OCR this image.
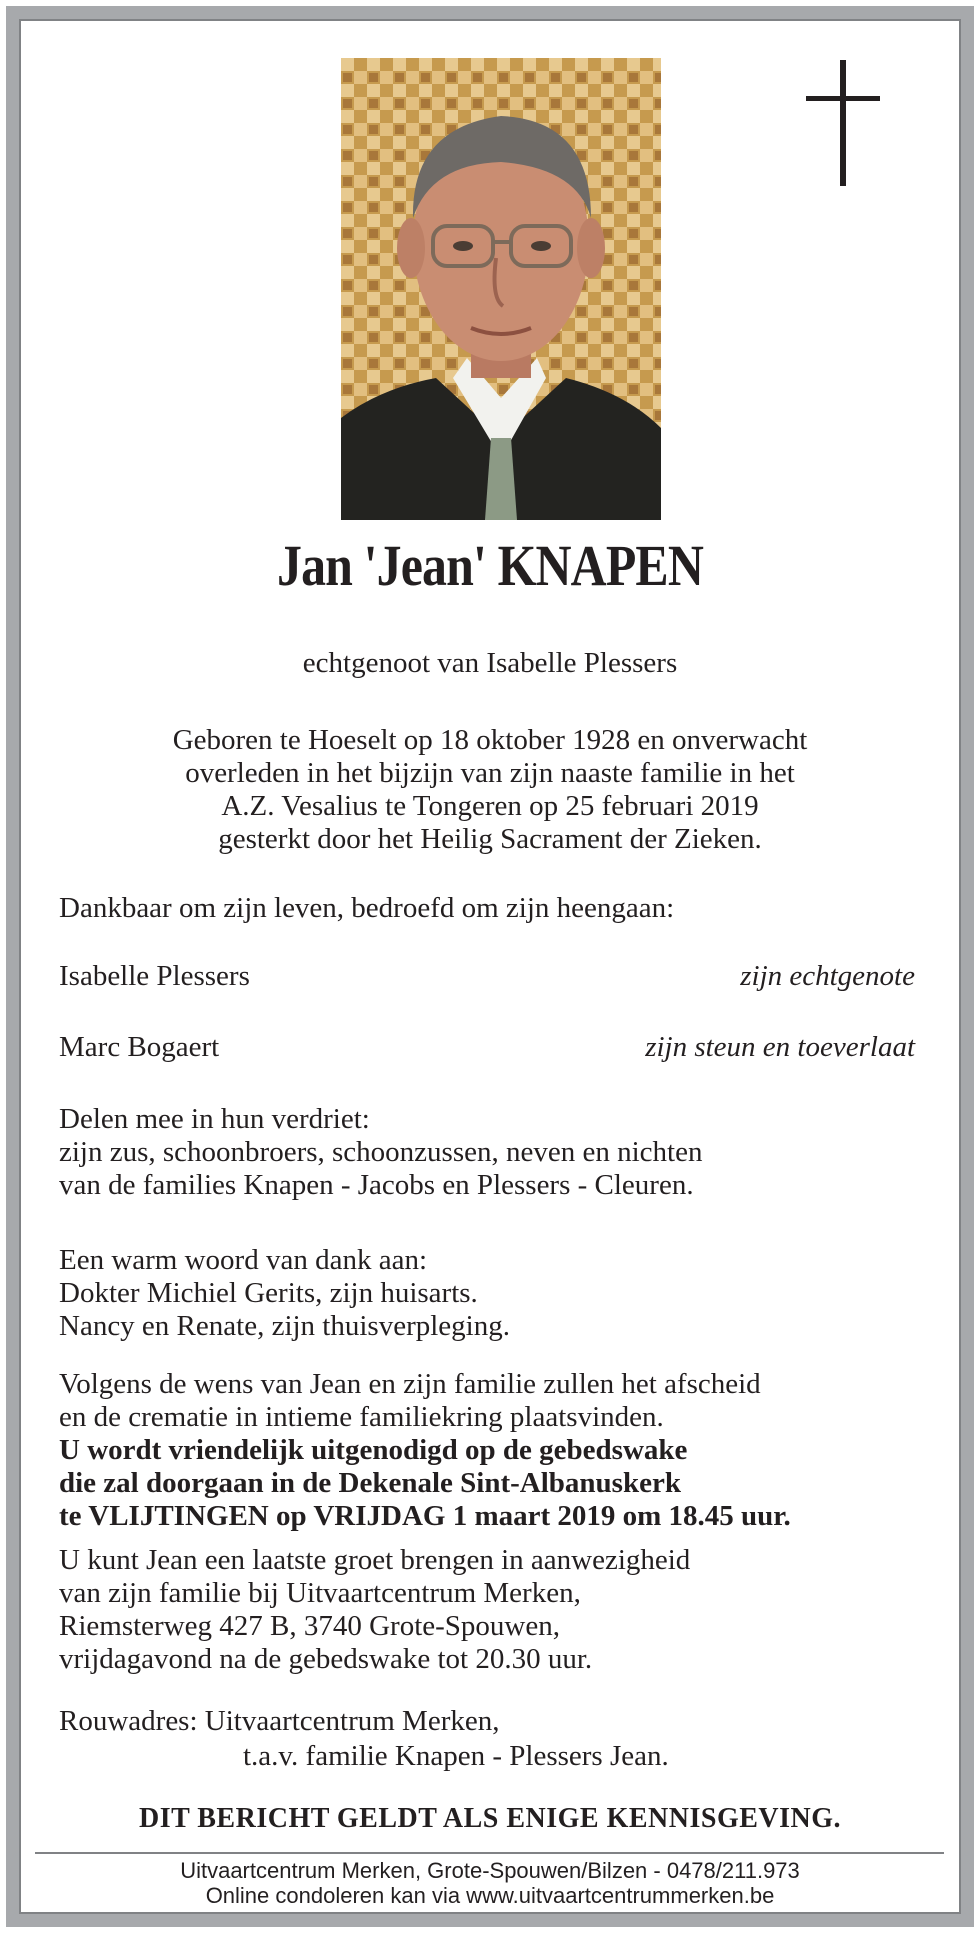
Jan 'Jean' KNAPEN
echtgenoot van Isabelle Plessers
Geboren te Hoeselt op 18 oktober 1928 en onverwacht
overleden in het bijzijn van zijn naaste familie in het
A.Z. Vesalius te Tongeren op 25 februari 2019
gesterkt door het Heilig Sacrament der Zieken.
Dankbaar om zijn leven, bedroefd om zijn heengaan:
Isabelle Plessers	zijn echtgenote
Marc Bogaert	zijn steun en toeverlaat
Delen mee in hun verdriet:
zijn zus, schoonbroers, schoonzussen, neven en nichten
van de families Knapen - Jacobs en Plessers - Cleuren.
Een warm woord van dank aan:
Dokter Michiel Gerits, zijn huisarts.
Nancy en Renate, zijn thuisverpleging.
Volgens de wens van Jean en zijn familie zullen het afscheid
en de crematie in intieme familiekring plaatsvinden.
U wordt vriendelijk uitgenodigd op de gebedswake
die zal doorgaan in de Dekenale Sint-Albanuskerk
te VLIJTINGEN op VRIJDAG 1 maart 2019 om 18.45 uur.
U kunt Jean een laatste groet brengen in aanwezigheid
van zijn familie bij Uitvaartcentrum Merken,
Riemsterweg 427 B, 3740 Grote-Spouwen,
vrijdagavond na de gebedswake tot 20.30 uur.
Rouwadres: Uitvaartcentrum Merken,
t.a.v. familie Knapen - Plessers Jean.
DIT BERICHT GELDT ALS ENIGE KENNISGEVING.
Uitvaartcentrum Merken, Grote-Spouwen/Bilzen - 0478/211.973
Online condoleren kan via www.uitvaartcentrummerken.be
